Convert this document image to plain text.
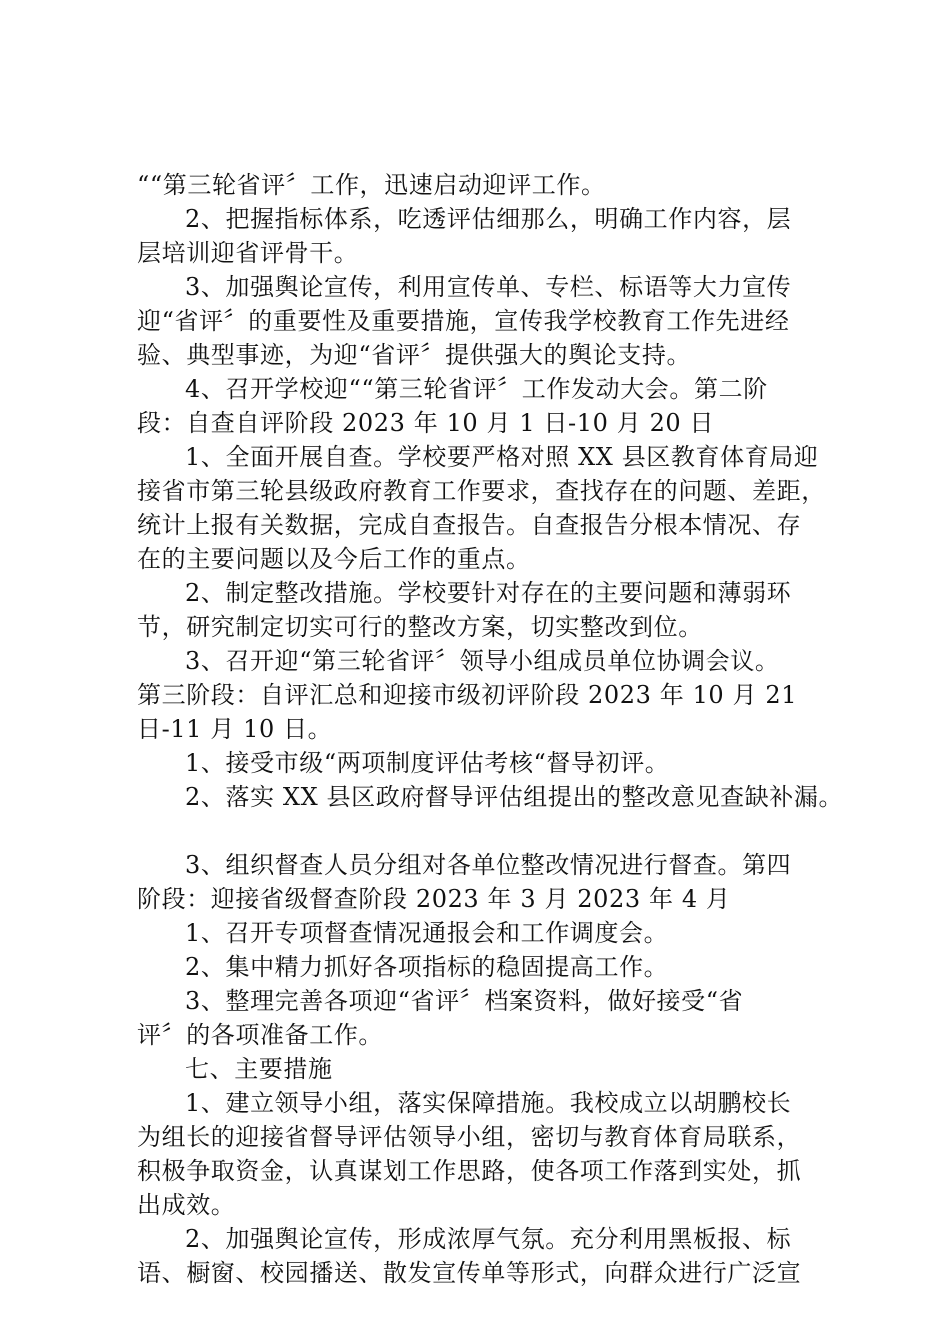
““第三轮省评〞工作，迅速启动迎评工作。
2、把握指标体系，吃透评估细那么，明确工作内容，层
层培训迎省评骨干。
3、加强舆论宣传，利用宣传单、专栏、标语等大力宣传
迎“省评〞的重要性及重要措施，宣传我学校教育工作先进经
验、典型事迹，为迎“省评〞提供强大的舆论支持。
4、召开学校迎““第三轮省评〞工作发动大会。第二阶
段：自查自评阶段 2023 年 10 月 1 日-10 月 20 日
1、全面开展自查。学校要严格对照 XX 县区教育体育局迎
接省市第三轮县级政府教育工作要求，查找存在的问题、差距，
统计上报有关数据，完成自查报告。自查报告分根本情况、存
在的主要问题以及今后工作的重点。
2、制定整改措施。学校要针对存在的主要问题和薄弱环
节，研究制定切实可行的整改方案，切实整改到位。
3、召开迎“第三轮省评〞领导小组成员单位协调会议。
第三阶段：自评汇总和迎接市级初评阶段 2023 年 10 月 21
日-11 月 10 日。
1、接受市级“两项制度评估考核“督导初评。
2、落实 XX 县区政府督导评估组提出的整改意见查缺补漏。
3、组织督查人员分组对各单位整改情况进行督查。第四
阶段：迎接省级督查阶段 2023 年 3 月 2023 年 4 月
1、召开专项督查情况通报会和工作调度会。
2、集中精力抓好各项指标的稳固提高工作。
3、整理完善各项迎“省评〞档案资料，做好接受“省
评〞的各项准备工作。
七、主要措施
1、建立领导小组，落实保障措施。我校成立以胡鹏校长
为组长的迎接省督导评估领导小组，密切与教育体育局联系，
积极争取资金，认真谋划工作思路，使各项工作落到实处，抓
出成效。
2、加强舆论宣传，形成浓厚气氛。充分利用黑板报、标
语、橱窗、校园播送、散发宣传单等形式，向群众进行广泛宣
